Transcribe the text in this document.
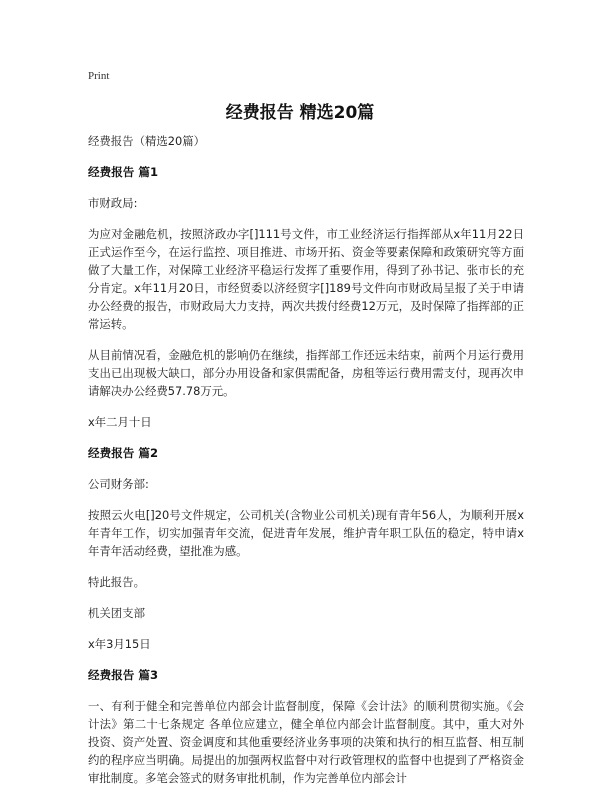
Print
经费报告 精选20篇

经费报告（精选20篇）

经费报告 篇1

市财政局:

为应对金融危机，按照济政办字[]111号文件，市工业经济运行指挥部从x年11月22日正式运作至今，在运行监控、项目推进、市场开拓、资金等要素保障和政策研究等方面做了大量工作，对保障工业经济平稳运行发挥了重要作用，得到了孙书记、张市长的充分肯定。x年11月20日，市经贸委以济经贸字[]189号文件向市财政局呈报了关于申请办公经费的报告，市财政局大力支持，两次共拨付经费12万元，及时保障了指挥部的正常运转。

从目前情况看，金融危机的影响仍在继续，指挥部工作还远未结束，前两个月运行费用支出已出现极大缺口，部分办用设备和家俱需配备，房租等运行费用需支付，现再次申请解决办公经费57.78万元。

x年二月十日

经费报告 篇2

公司财务部:

按照云火电[]20号文件规定，公司机关(含物业公司机关)现有青年56人，为顺利开展x年青年工作，切实加强青年交流，促进青年发展，维护青年职工队伍的稳定，特申请x年青年活动经费，望批准为感。

特此报告。

机关团支部

x年3月15日

经费报告 篇3

一、有利于健全和完善单位内部会计监督制度，保障《会计法》的顺利贯彻实施。《会计法》第二十七条规定 各单位应建立，健全单位内部会计监督制度。其中，重大对外投资、资产处置、资金调度和其他重要经济业务事项的决策和执行的相互监督、相互制约的程序应当明确。局提出的加强两权监督中对行政管理权的监督中也提到了严格资金审批制度。多笔会签式的财务审批机制，作为完善单位内部会计
